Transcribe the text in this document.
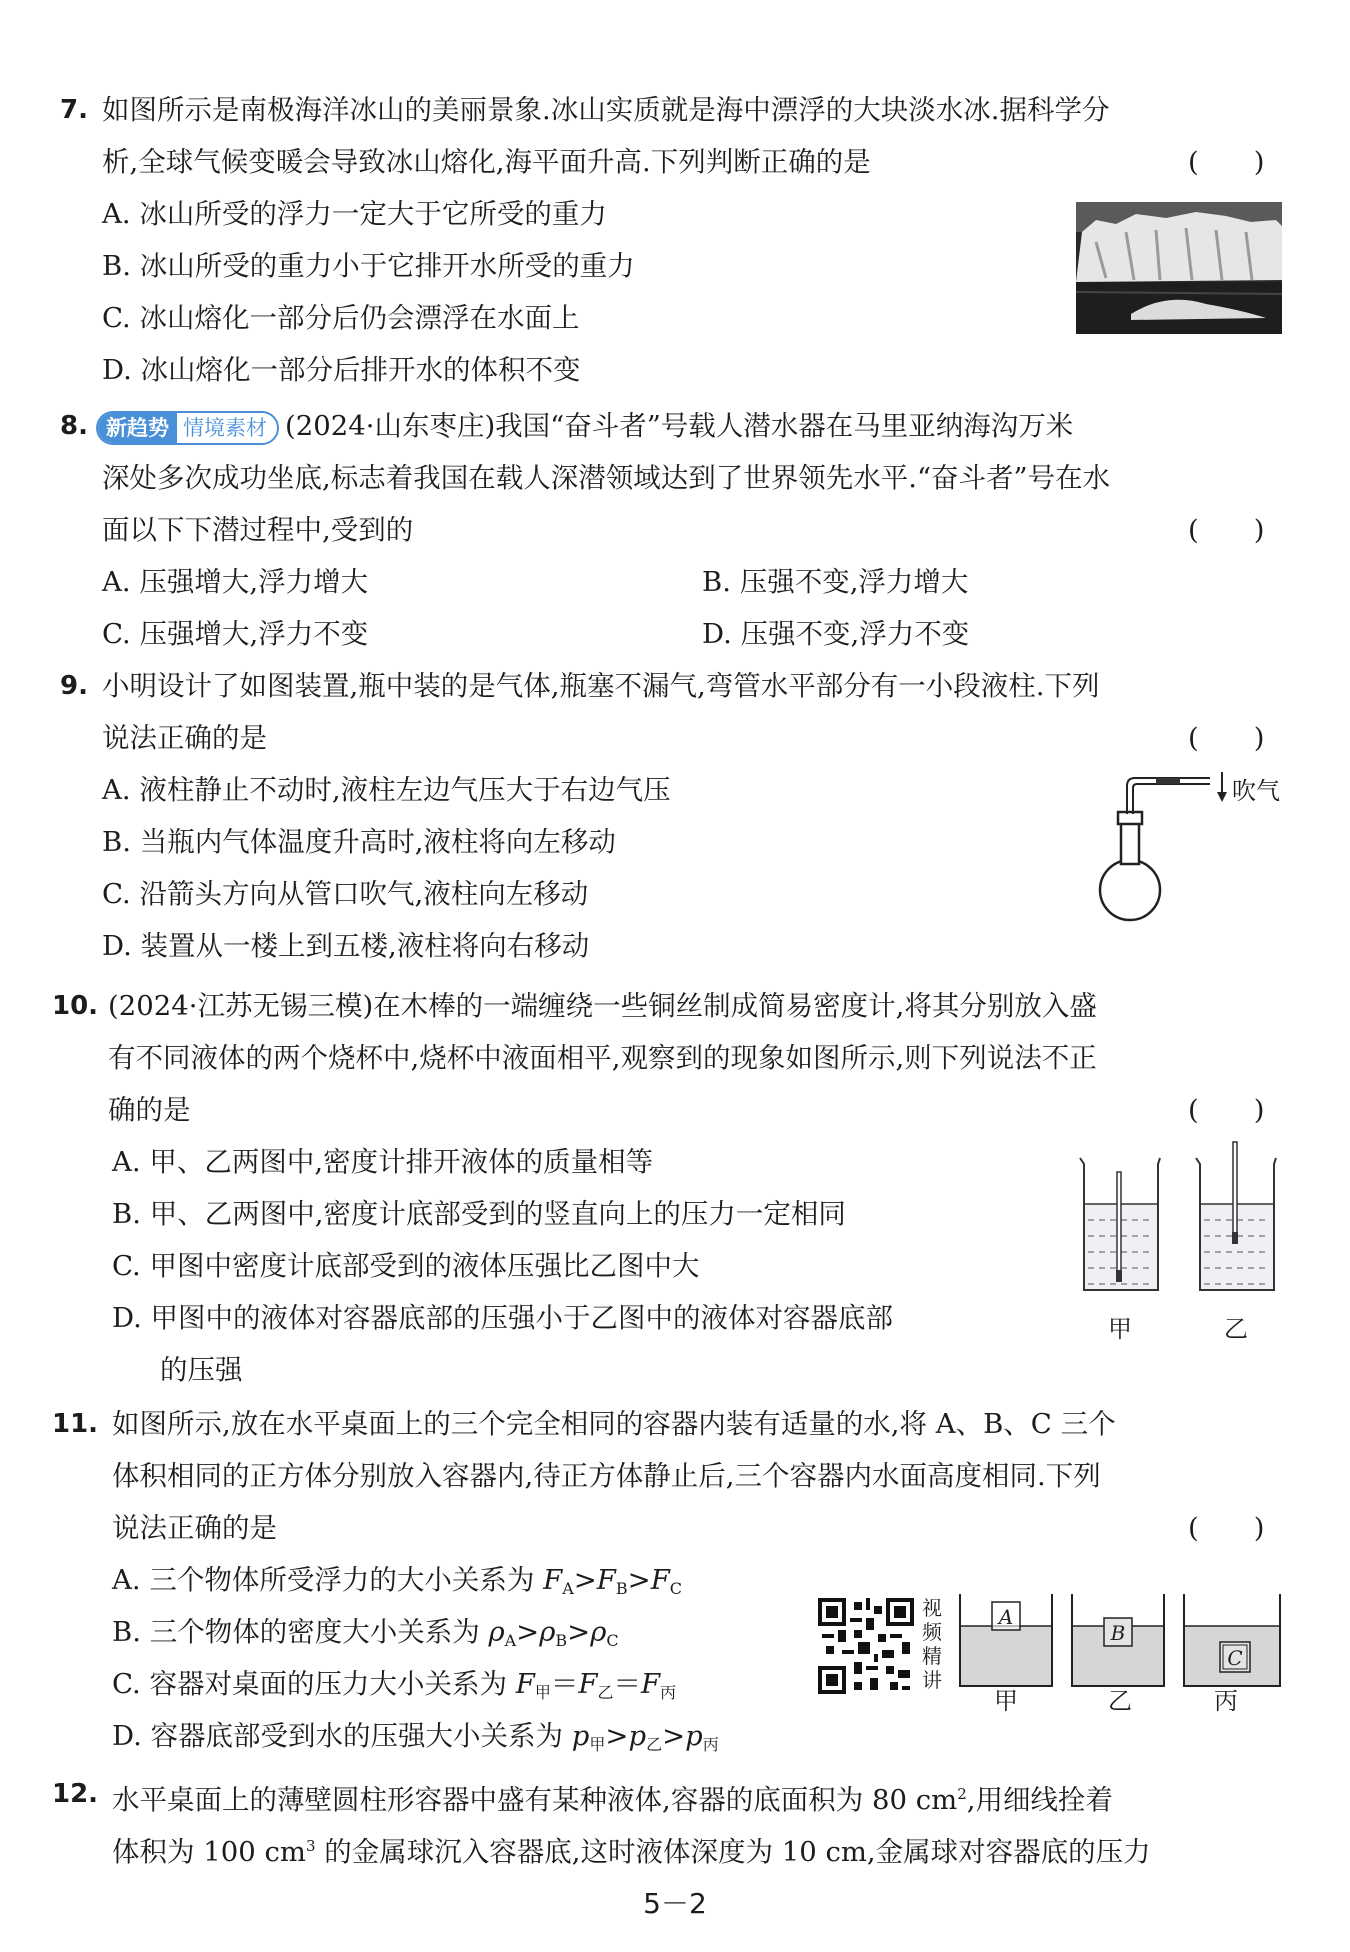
7. 如图所示是南极海洋冰山的美丽景象.冰山实质就是海中漂浮的大块淡水冰.据科学分
析,全球气候变暖会导致冰山熔化,海平面升高.下列判断正确的是	(　　)
A. 冰山所受的浮力一定大于它所受的重力
B. 冰山所受的重力小于它排开水所受的重力
C. 冰山熔化一部分后仍会漂浮在水面上
D. 冰山熔化一部分后排开水的体积不变
8. 新趋势 情境素材 (2024·山东枣庄)我国“奋斗者”号载人潜水器在马里亚纳海沟万米
深处多次成功坐底,标志着我国在载人深潜领域达到了世界领先水平.“奋斗者”号在水
面以下下潜过程中,受到的	(　　)
A. 压强增大,浮力增大	B. 压强不变,浮力增大
C. 压强增大,浮力不变	D. 压强不变,浮力不变
9. 小明设计了如图装置,瓶中装的是气体,瓶塞不漏气,弯管水平部分有一小段液柱.下列
说法正确的是	(　　)
A. 液柱静止不动时,液柱左边气压大于右边气压
B. 当瓶内气体温度升高时,液柱将向左移动
C. 沿箭头方向从管口吹气,液柱向左移动
D. 装置从一楼上到五楼,液柱将向右移动
吹气
10. (2024·江苏无锡三模)在木棒的一端缠绕一些铜丝制成简易密度计,将其分别放入盛
有不同液体的两个烧杯中,烧杯中液面相平,观察到的现象如图所示,则下列说法不正
确的是	(　　)
A. 甲、乙两图中,密度计排开液体的质量相等
B. 甲、乙两图中,密度计底部受到的竖直向上的压力一定相同
C. 甲图中密度计底部受到的液体压强比乙图中大
D. 甲图中的液体对容器底部的压强小于乙图中的液体对容器底部
的压强
甲	乙
11. 如图所示,放在水平桌面上的三个完全相同的容器内装有适量的水,将 A、B、C 三个
体积相同的正方体分别放入容器内,待正方体静止后,三个容器内水面高度相同.下列
说法正确的是	(　　)
A. 三个物体所受浮力的大小关系为 $F_A>F_B>F_C$
B. 三个物体的密度大小关系为 $\rho_A>\rho_B>\rho_C$
C. 容器对桌面的压力大小关系为 $F_甲=F_乙=F_丙$
D. 容器底部受到水的压强大小关系为 $p_甲>p_乙>p_丙$
视频精讲
A
B
C
甲	乙	丙
12. 水平桌面上的薄壁圆柱形容器中盛有某种液体,容器的底面积为 80 $cm^2$,用细线拴着
体积为 100 $cm^3$ 的金属球沉入容器底,这时液体深度为 10 cm,金属球对容器底的压力
5－2
